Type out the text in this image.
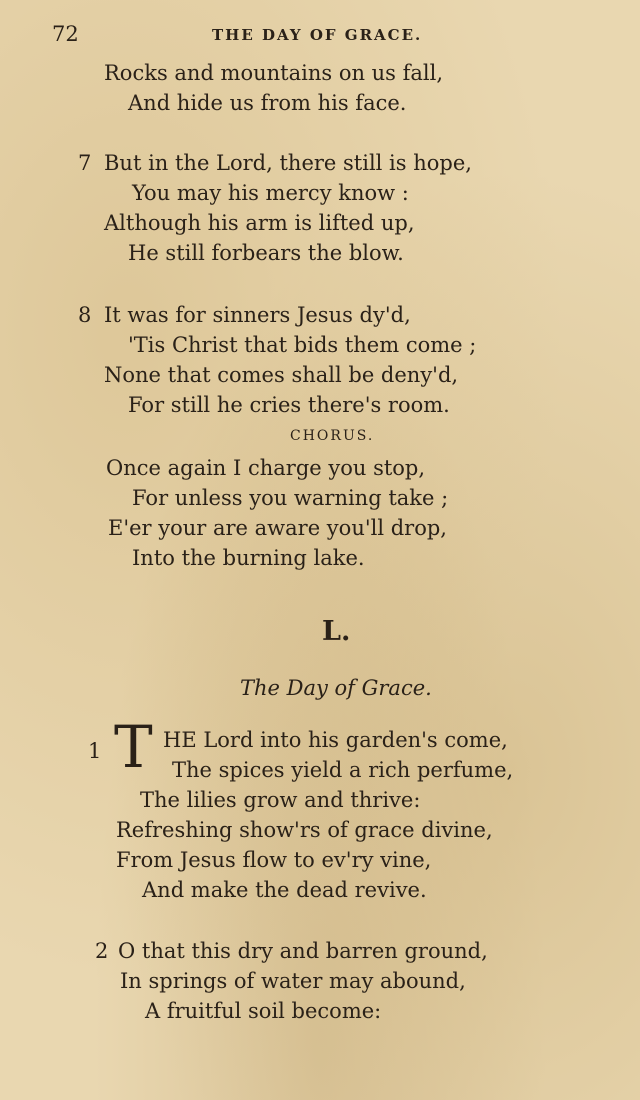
72	THE DAY OF GRACE.
Rocks and mountains on us fall,
And hide us from his face.
7 But in the Lord, there still is hope,
You may his mercy know :
Although his arm is lifted up,
He still forbears the blow.
8 It was for sinners Jesus dy'd,
'Tis Christ that bids them come ;
None that comes shall be deny'd,
For still he cries there's room.
CHORUS.
Once again I charge you stop,
For unless you warning take ;
E'er your are aware you'll drop,
Into the burning lake.
L.
The Day of Grace.
1 T HE Lord into his garden's come,
The spices yield a rich perfume,
The lilies grow and thrive:
Refreshing show'rs of grace divine,
From Jesus flow to ev'ry vine,
And make the dead revive.
2 O that this dry and barren ground,
In springs of water may abound,
A fruitful soil become:
